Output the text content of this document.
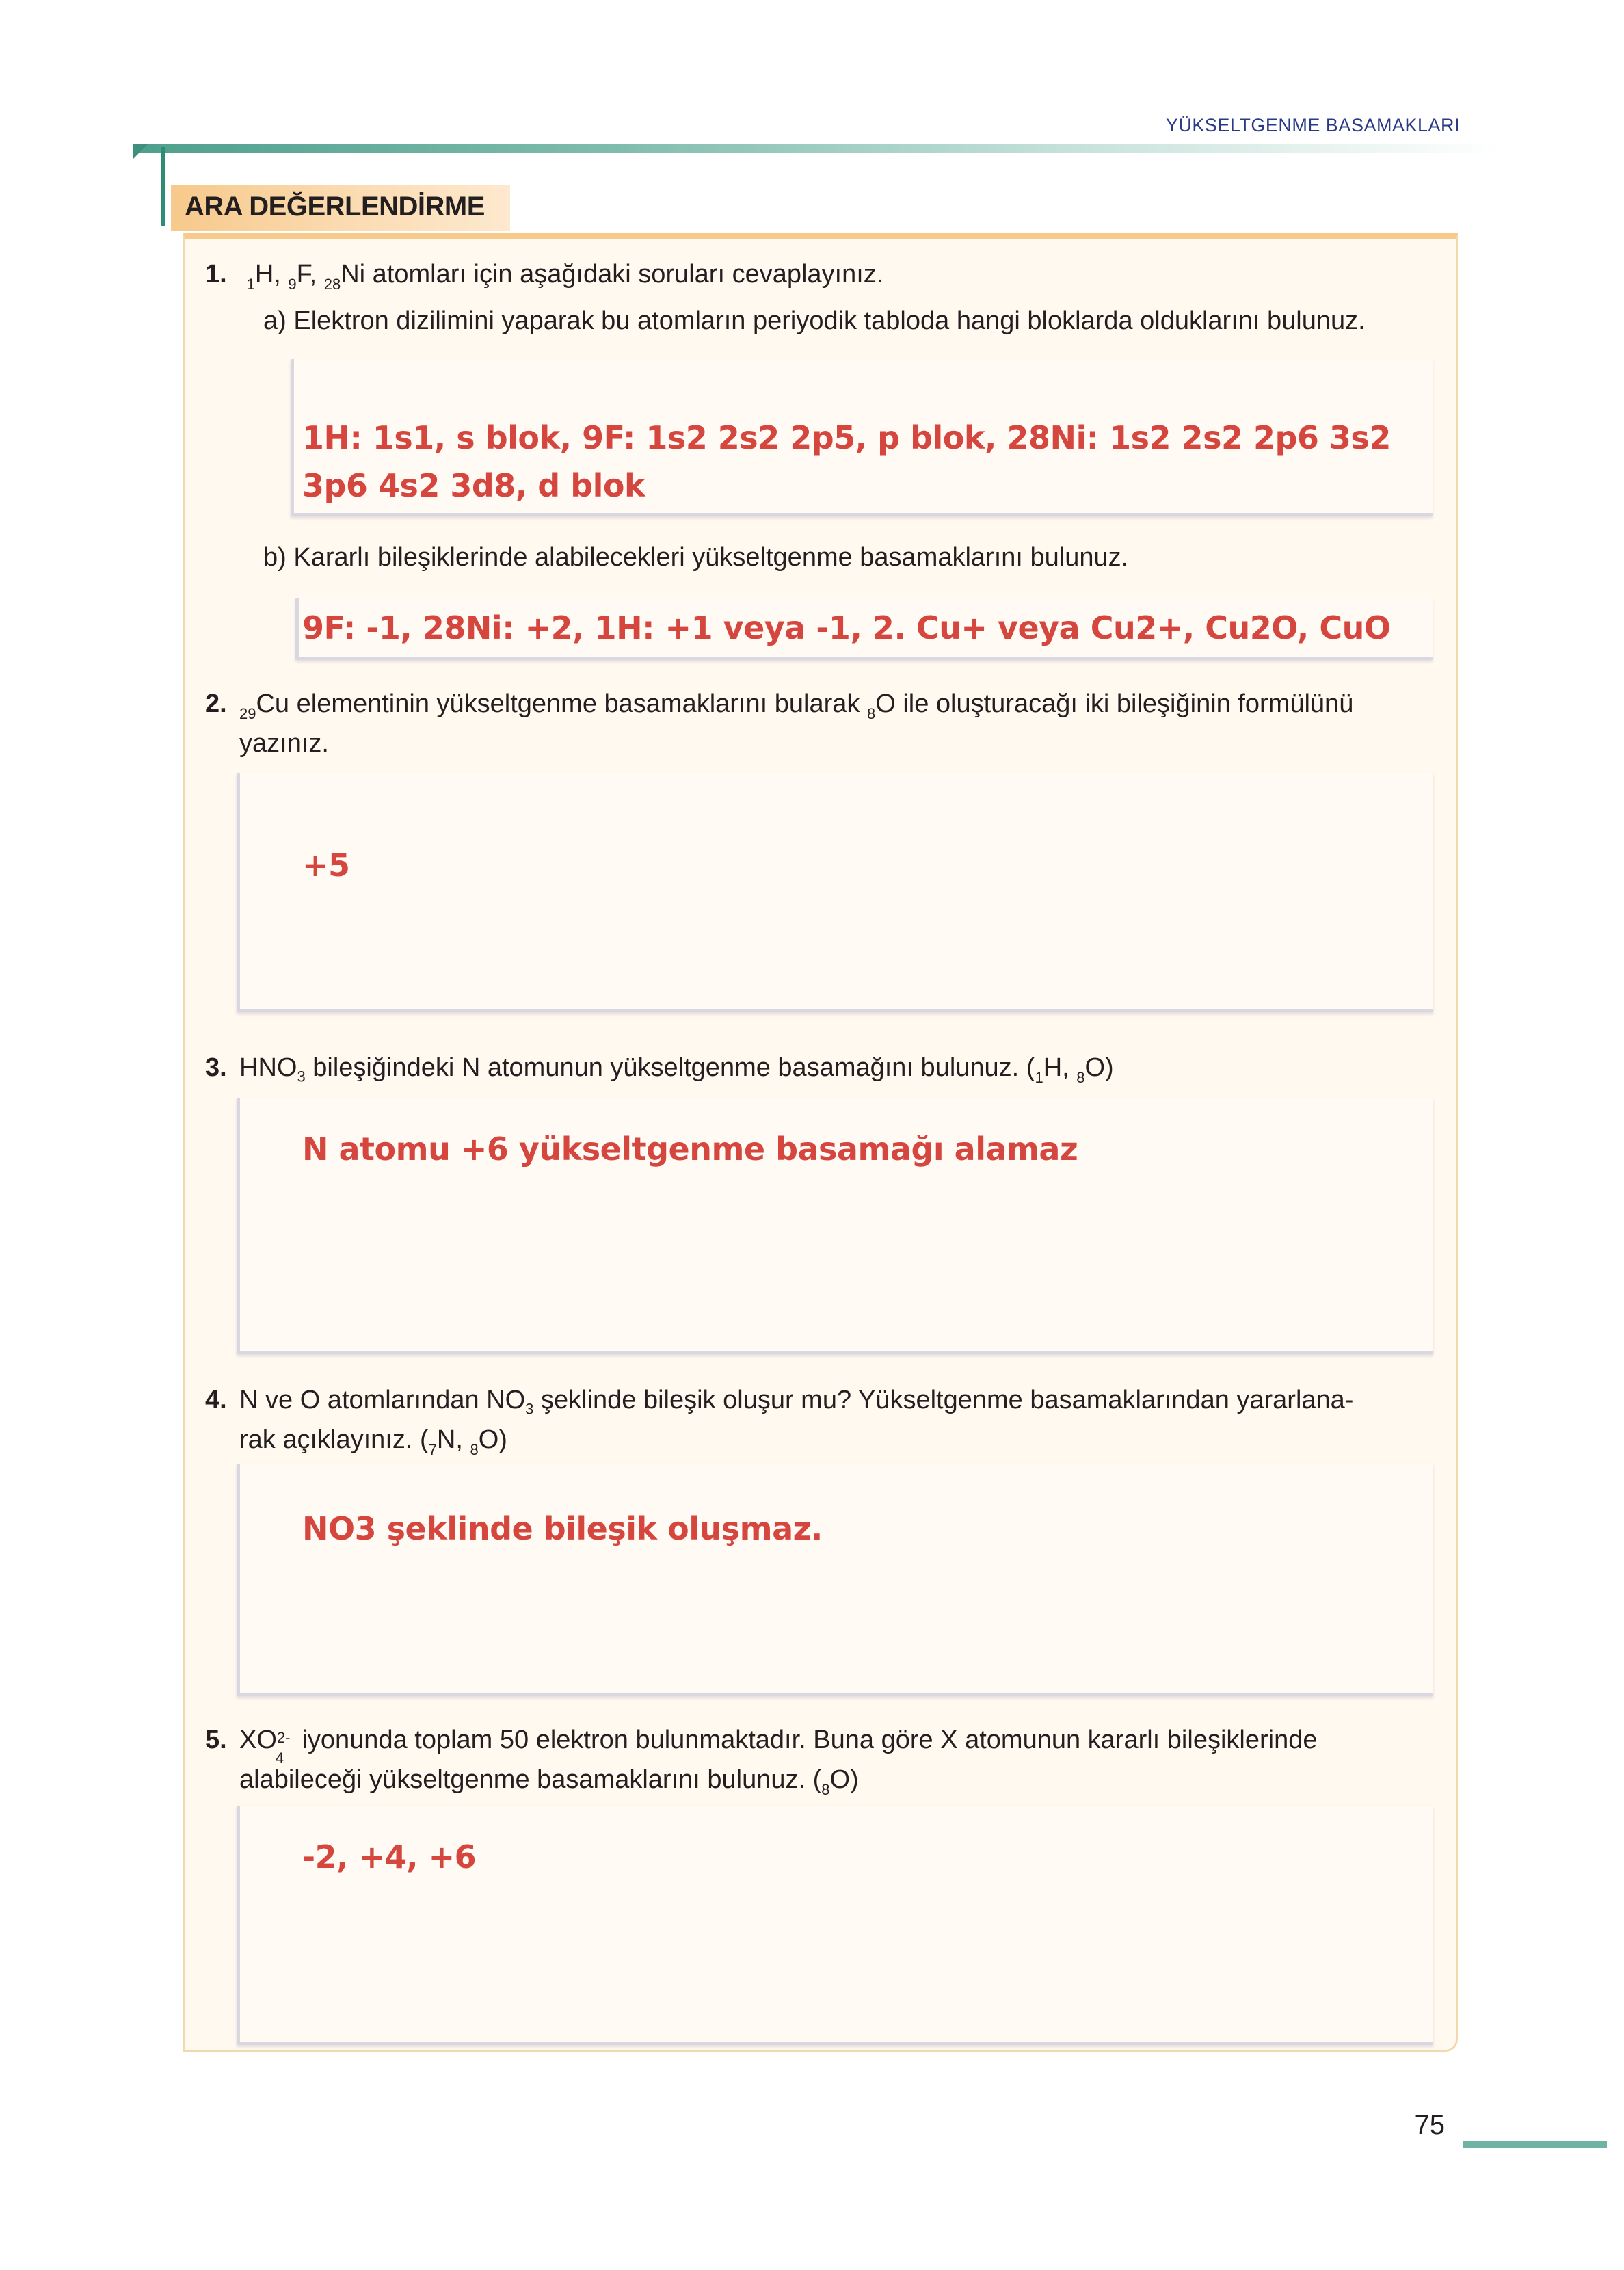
YÜKSELTGENME BASAMAKLARI
ARA DEĞERLENDİRME
1. $_1$H, $_9$F, $_{28}$Ni atomları için aşağıdaki soruları cevaplayınız.
a) Elektron dizilimini yaparak bu atomların periyodik tabloda hangi bloklarda olduklarını bulunuz.
1H: 1s1, s blok, 9F: 1s2 2s2 2p5, p blok, 28Ni: 1s2 2s2 2p6 3s2 3p6 4s2 3d8, d blok
b) Kararlı bileşiklerinde alabilecekleri yükseltgenme basamaklarını bulunuz.
9F: -1, 28Ni: +2, 1H: +1 veya -1, 2. Cu+ veya Cu2+, Cu2O, CuO
2. $_{29}$Cu elementinin yükseltgenme basamaklarını bularak $_8$O ile oluşturacağı iki bileşiğinin formülünü
yazınız.
+5
3. $HNO_3$ bileşiğindeki N atomunun yükseltgenme basamağını bulunuz. ($_1H$, $_8$O)
N atomu +6 yükseltgenme basamağı alamaz
4. N ve O atomlarından $NO_3$ şeklinde bileşik oluşur mu? Yükseltgenme basamaklarından yararlana-
rak açıklayınız. ($_7N$, $_8$O)
NO3 şeklinde bileşik oluşmaz.
5. XO 2-
4
iyonunda toplam 50 elektron bulunmaktadır. Buna göre X atomunun kararlı bileşiklerinde
alabileceği yükseltgenme basamaklarını bulunuz. $(_8O)$
-2, +4, +6
75
